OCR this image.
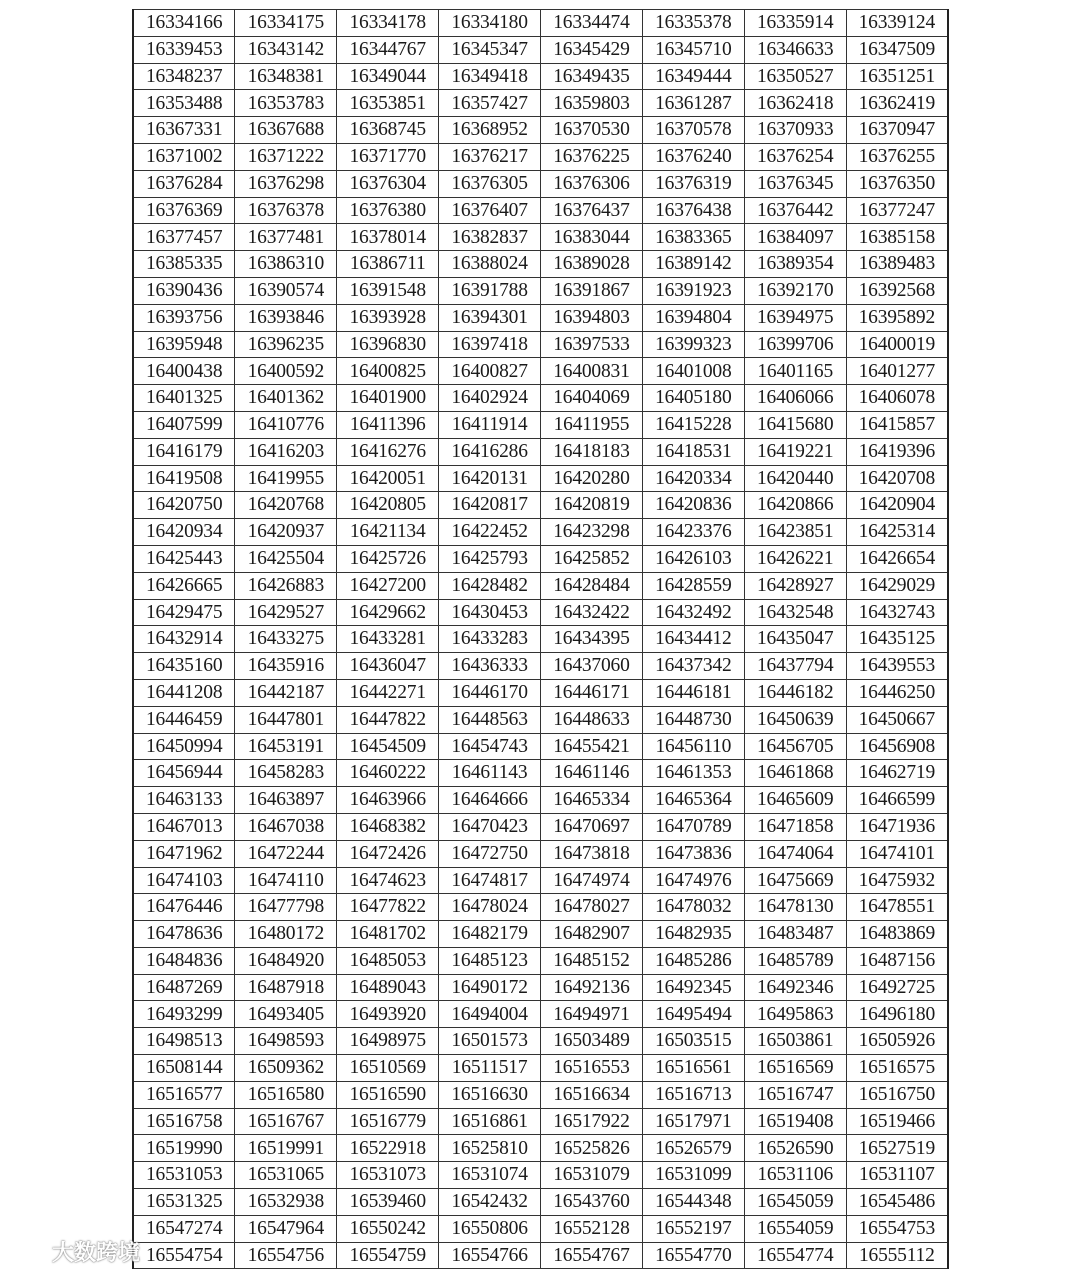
16334166	16334175	16334178	16334180	16334474	16335378	16335914	16339124
16339453	16343142	16344767	16345347	16345429	16345710	16346633	16347509
16348237	16348381	16349044	16349418	16349435	16349444	16350527	16351251
16353488	16353783	16353851	16357427	16359803	16361287	16362418	16362419
16367331	16367688	16368745	16368952	16370530	16370578	16370933	16370947
16371002	16371222	16371770	16376217	16376225	16376240	16376254	16376255
16376284	16376298	16376304	16376305	16376306	16376319	16376345	16376350
16376369	16376378	16376380	16376407	16376437	16376438	16376442	16377247
16377457	16377481	16378014	16382837	16383044	16383365	16384097	16385158
16385335	16386310	16386711	16388024	16389028	16389142	16389354	16389483
16390436	16390574	16391548	16391788	16391867	16391923	16392170	16392568
16393756	16393846	16393928	16394301	16394803	16394804	16394975	16395892
16395948	16396235	16396830	16397418	16397533	16399323	16399706	16400019
16400438	16400592	16400825	16400827	16400831	16401008	16401165	16401277
16401325	16401362	16401900	16402924	16404069	16405180	16406066	16406078
16407599	16410776	16411396	16411914	16411955	16415228	16415680	16415857
16416179	16416203	16416276	16416286	16418183	16418531	16419221	16419396
16419508	16419955	16420051	16420131	16420280	16420334	16420440	16420708
16420750	16420768	16420805	16420817	16420819	16420836	16420866	16420904
16420934	16420937	16421134	16422452	16423298	16423376	16423851	16425314
16425443	16425504	16425726	16425793	16425852	16426103	16426221	16426654
16426665	16426883	16427200	16428482	16428484	16428559	16428927	16429029
16429475	16429527	16429662	16430453	16432422	16432492	16432548	16432743
16432914	16433275	16433281	16433283	16434395	16434412	16435047	16435125
16435160	16435916	16436047	16436333	16437060	16437342	16437794	16439553
16441208	16442187	16442271	16446170	16446171	16446181	16446182	16446250
16446459	16447801	16447822	16448563	16448633	16448730	16450639	16450667
16450994	16453191	16454509	16454743	16455421	16456110	16456705	16456908
16456944	16458283	16460222	16461143	16461146	16461353	16461868	16462719
16463133	16463897	16463966	16464666	16465334	16465364	16465609	16466599
16467013	16467038	16468382	16470423	16470697	16470789	16471858	16471936
16471962	16472244	16472426	16472750	16473818	16473836	16474064	16474101
16474103	16474110	16474623	16474817	16474974	16474976	16475669	16475932
16476446	16477798	16477822	16478024	16478027	16478032	16478130	16478551
16478636	16480172	16481702	16482179	16482907	16482935	16483487	16483869
16484836	16484920	16485053	16485123	16485152	16485286	16485789	16487156
16487269	16487918	16489043	16490172	16492136	16492345	16492346	16492725
16493299	16493405	16493920	16494004	16494971	16495494	16495863	16496180
16498513	16498593	16498975	16501573	16503489	16503515	16503861	16505926
16508144	16509362	16510569	16511517	16516553	16516561	16516569	16516575
16516577	16516580	16516590	16516630	16516634	16516713	16516747	16516750
16516758	16516767	16516779	16516861	16517922	16517971	16519408	16519466
16519990	16519991	16522918	16525810	16525826	16526579	16526590	16527519
16531053	16531065	16531073	16531074	16531079	16531099	16531106	16531107
16531325	16532938	16539460	16542432	16543760	16544348	16545059	16545486
16547274	16547964	16550242	16550806	16552128	16552197	16554059	16554753
16554754	16554756	16554759	16554766	16554767	16554770	16554774	16555112
大数跨境
